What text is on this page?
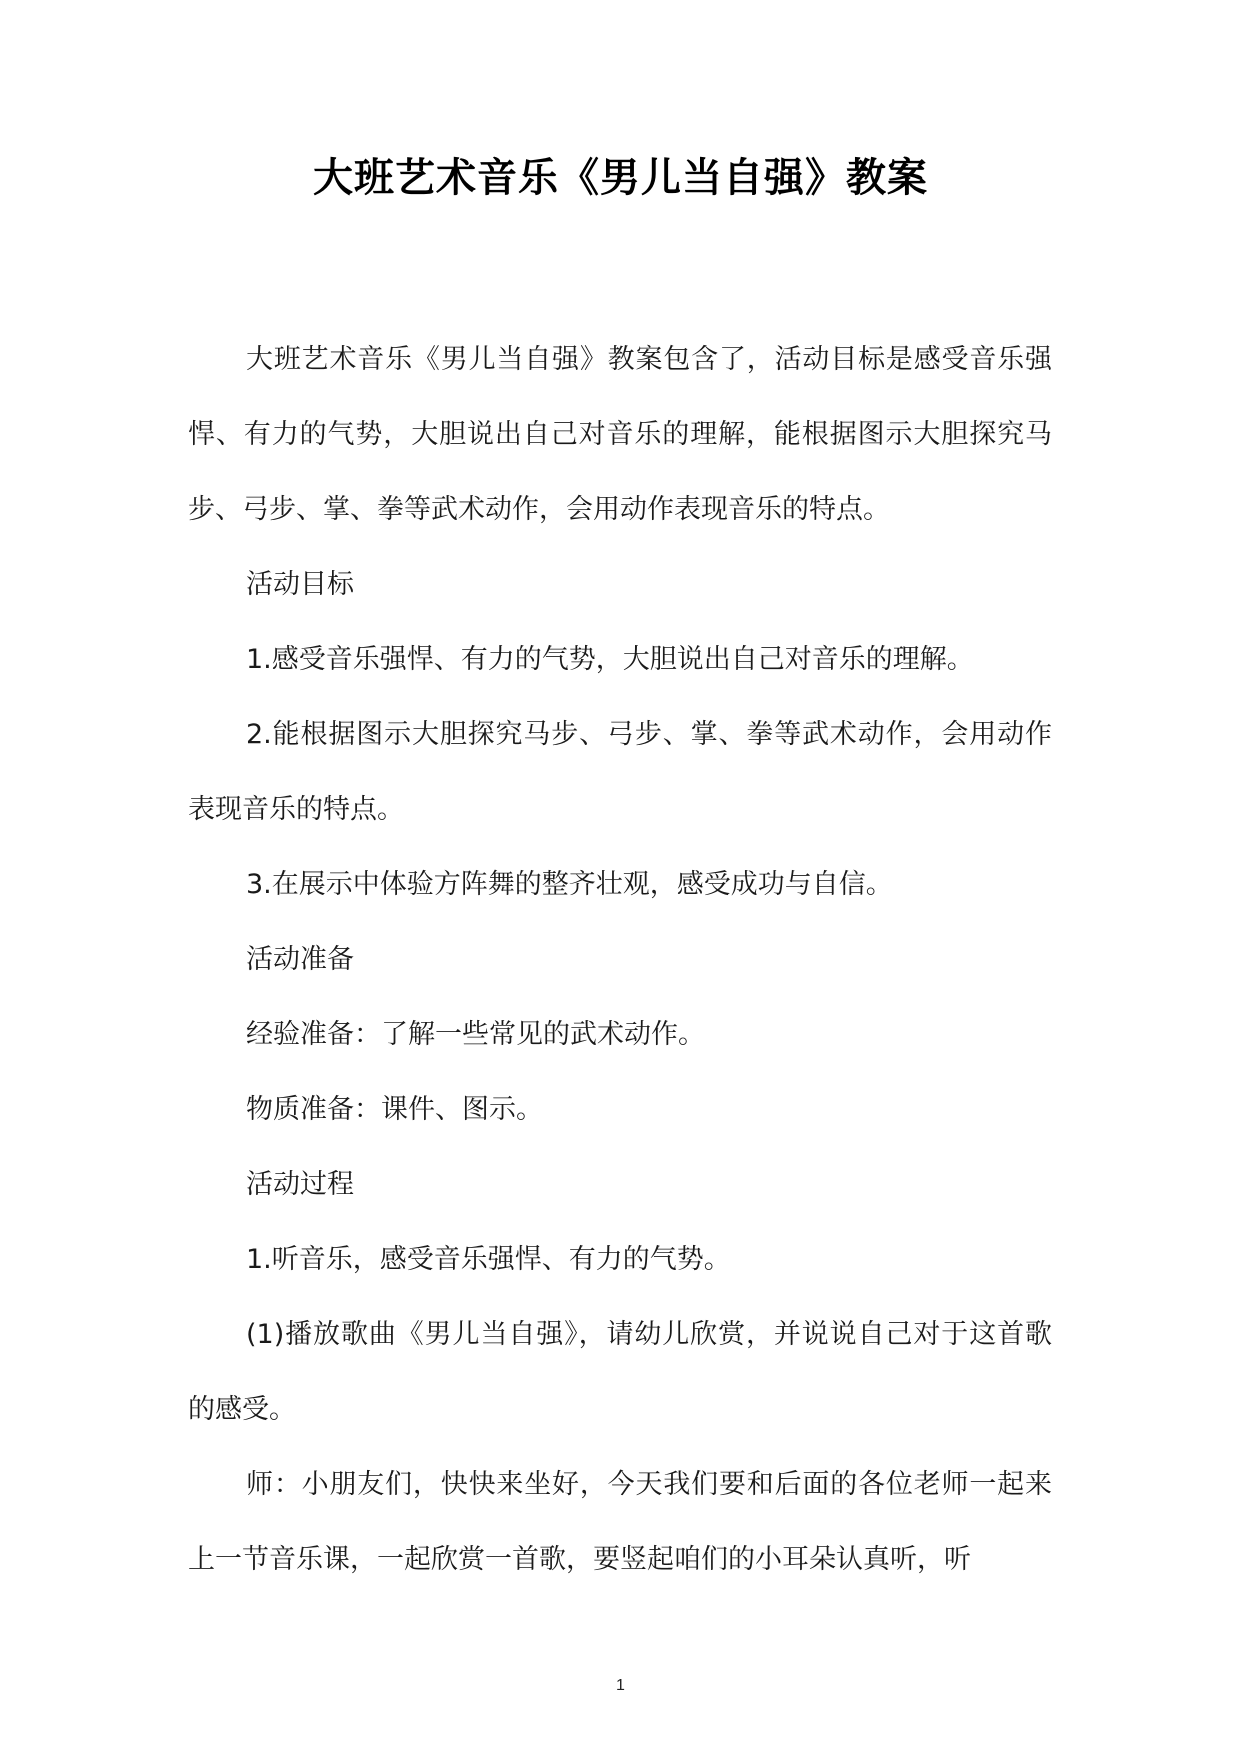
大班艺术音乐《男儿当自强》教案

大班艺术音乐《男儿当自强》教案包含了，活动目标是感受音乐强悍、有力的气势，大胆说出自己对音乐的理解，能根据图示大胆探究马步、弓步、掌、拳等武术动作，会用动作表现音乐的特点。

活动目标

1.感受音乐强悍、有力的气势，大胆说出自己对音乐的理解。

2.能根据图示大胆探究马步、弓步、掌、拳等武术动作，会用动作表现音乐的特点。

3.在展示中体验方阵舞的整齐壮观，感受成功与自信。

活动准备

经验准备：了解一些常见的武术动作。

物质准备：课件、图示。

活动过程

1.听音乐，感受音乐强悍、有力的气势。

(1)播放歌曲《男儿当自强》，请幼儿欣赏，并说说自己对于这首歌的感受。

师：小朋友们，快快来坐好，今天我们要和后面的各位老师一起来上一节音乐课，一起欣赏一首歌，要竖起咱们的小耳朵认真听，听

1
